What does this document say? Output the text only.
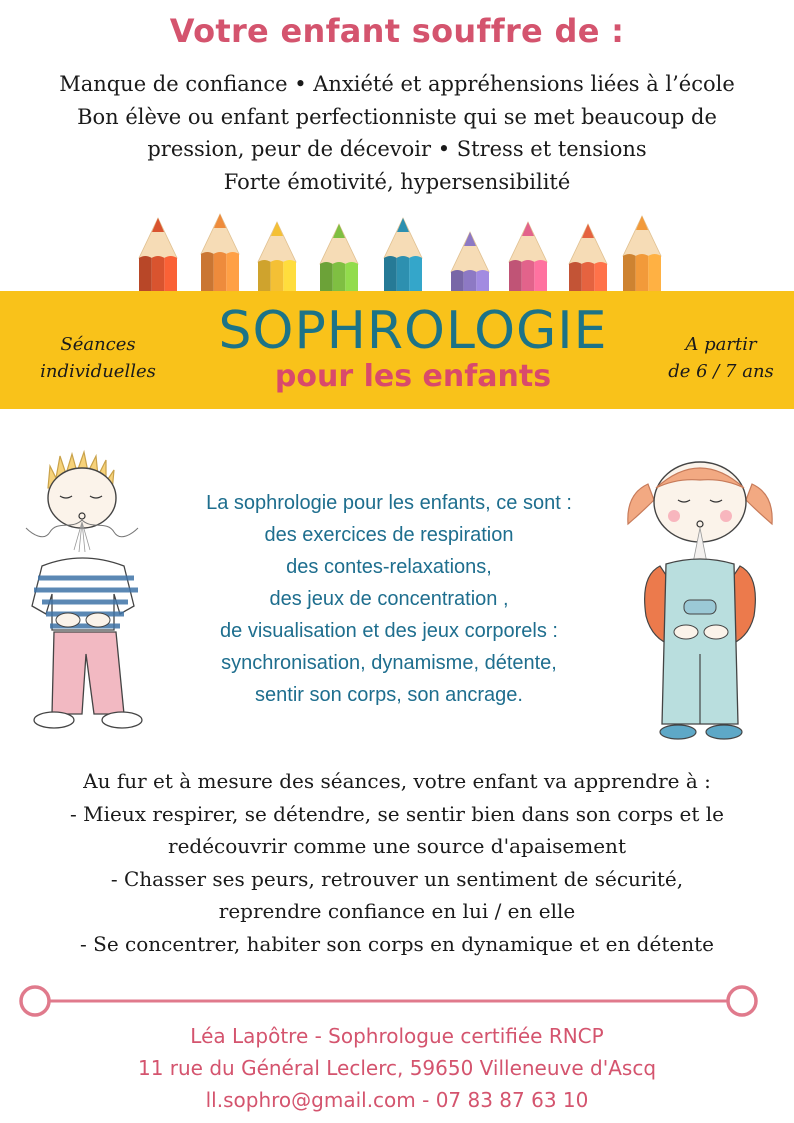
Votre enfant souffre de :
Manque de confiance • Anxiété et appréhensions liées à l’école
Bon élève ou enfant perfectionniste qui se met beaucoup de
pression, peur de décevoir • Stress et tensions
Forte émotivité, hypersensibilité
Séances
individuelles
SOPHROLOGIE
pour les enfants
A partir
de 6 / 7 ans
La sophrologie pour les enfants, ce sont :
des exercices de respiration
des contes-relaxations,
des jeux de concentration ,
de visualisation et des jeux corporels :
synchronisation, dynamisme, détente,
sentir son corps, son ancrage.
Au fur et à mesure des séances, votre enfant va apprendre à :
- Mieux respirer, se détendre, se sentir bien dans son corps et le
redécouvrir comme une source d'apaisement
- Chasser ses peurs, retrouver un sentiment de sécurité,
reprendre confiance en lui / en elle
- Se concentrer, habiter son corps en dynamique et en détente
Léa Lapôtre - Sophrologue certifiée RNCP
11 rue du Général Leclerc, 59650 Villeneuve d'Ascq
ll.sophro@gmail.com - 07 83 87 63 10
